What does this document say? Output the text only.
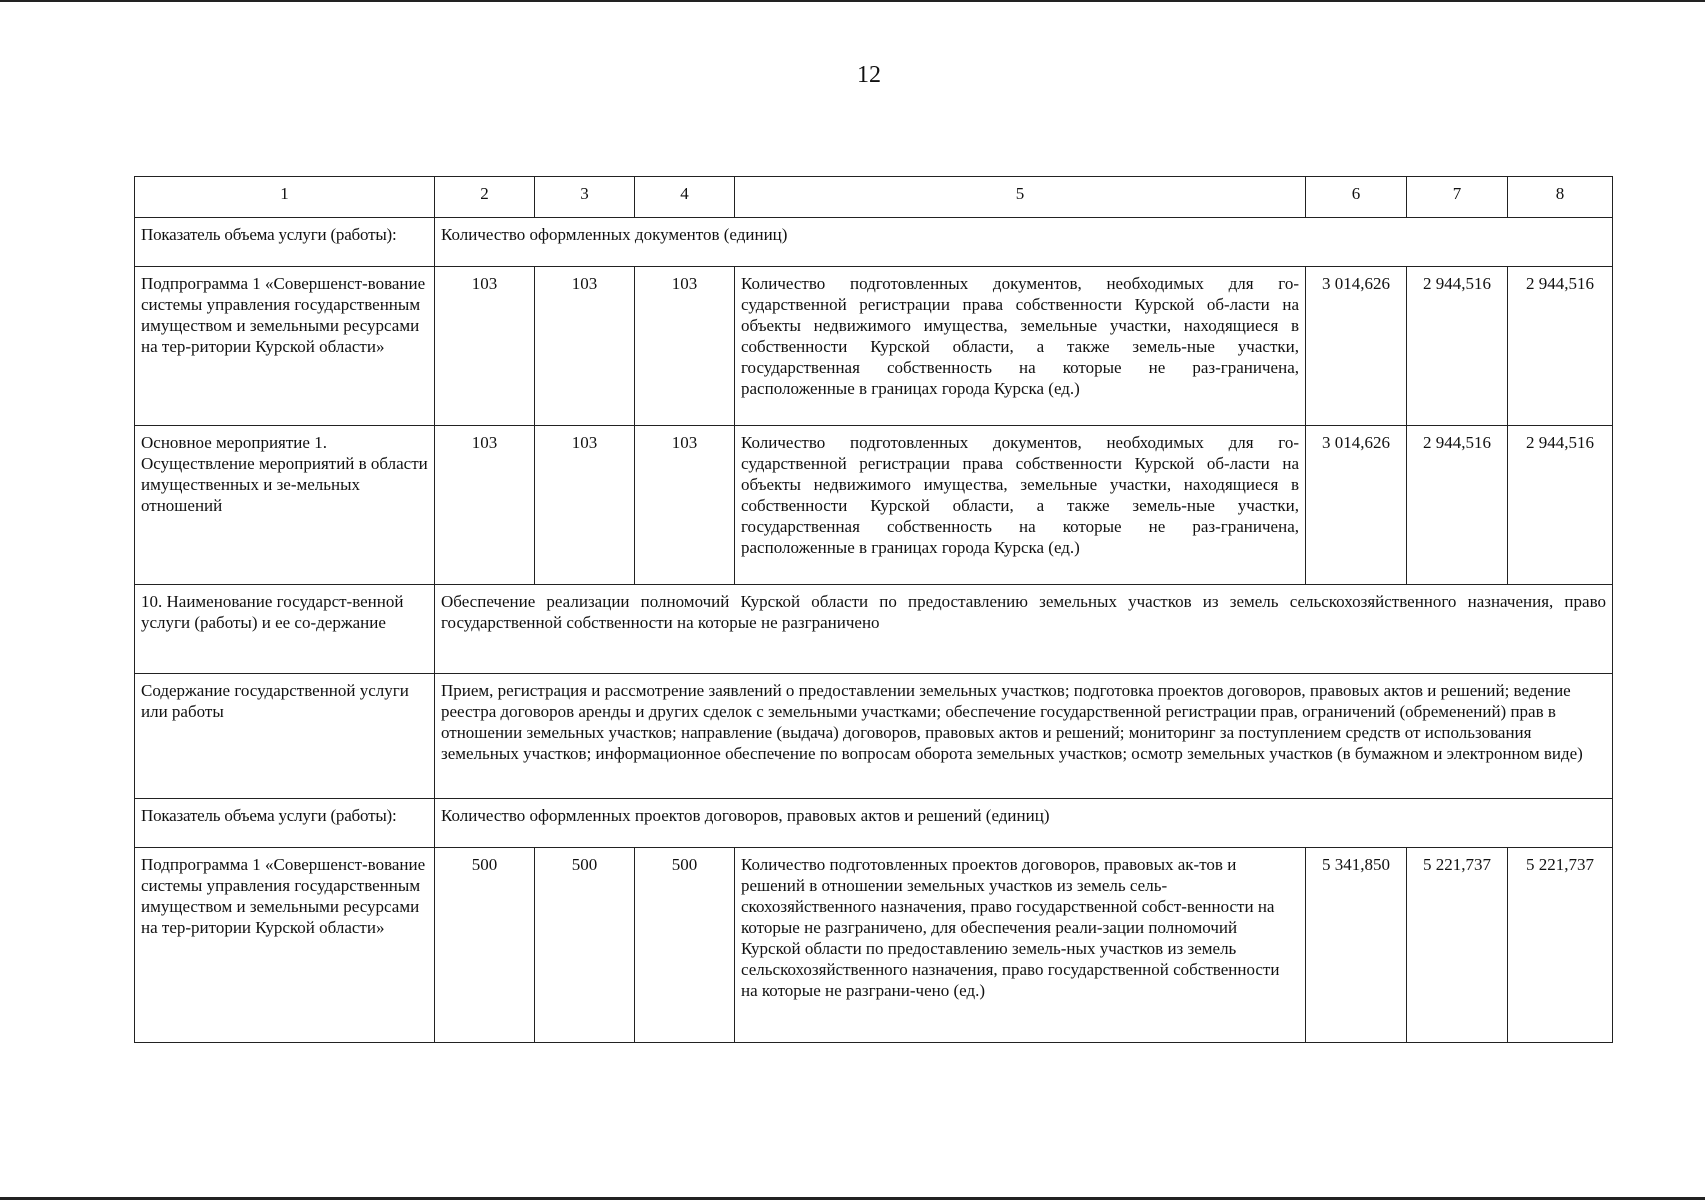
12
1	2	3	4	5	6	7	8
Показатель объема услуги (работы):	Количество оформленных документов (единиц)						
Подпрограмма 1 «Совершенст-вование системы управления государственным имуществом и земельными ресурсами на тер-ритории Курской области»	103	103	103	Количество подготовленных документов, необходимых для го-сударственной регистрации права собственности Курской об-ласти на объекты недвижимого имущества, земельные участки, находящиеся в собственности Курской области, а также земель-ные участки, государственная собственность на которые не раз-граничена, расположенные в границах города Курска (ед.)	3 014,626	2 944,516	2 944,516
Основное мероприятие 1. Осуществление мероприятий в области имущественных и зе-мельных отношений	103	103	103	Количество подготовленных документов, необходимых для го-сударственной регистрации права собственности Курской об-ласти на объекты недвижимого имущества, земельные участки, находящиеся в собственности Курской области, а также земель-ные участки, государственная собственность на которые не раз-граничена, расположенные в границах города Курска (ед.)	3 014,626	2 944,516	2 944,516
10. Наименование государст-венной услуги (работы) и ее со-держание	Обеспечение реализации полномочий Курской области по предоставлению земельных участков из земель сельскохозяйственного назначения, право государственной собственности на которые не разграничено						
Содержание государственной услуги или работы	Прием, регистрация и рассмотрение заявлений о предоставлении земельных участков; подготовка проектов договоров, правовых актов и решений; ведение реестра договоров аренды и других сделок с земельными участками; обеспечение государственной регистрации прав, ограничений (обременений) прав в отношении земельных участков; направление (выдача) договоров, правовых актов и решений; мониторинг за поступлением средств от использования земельных участков; информационное обеспечение по вопросам оборота земельных участков; осмотр земельных участков (в бумажном и электронном виде)						
Показатель объема услуги (работы):	Количество оформленных проектов договоров, правовых актов и решений (единиц)						
Подпрограмма 1 «Совершенст-вование системы управления государственным имуществом и земельными ресурсами на тер-ритории Курской области»	500	500	500	Количество подготовленных проектов договоров, правовых ак-тов и решений в отношении земельных участков из земель сель-скохозяйственного назначения, право государственной собст-венности на которые не разграничено, для обеспечения реали-зации полномочий Курской области по предоставлению земель-ных участков из земель сельскохозяйственного назначения, право государственной собственности на которые не разграни-чено (ед.)	5 341,850	5 221,737	5 221,737
